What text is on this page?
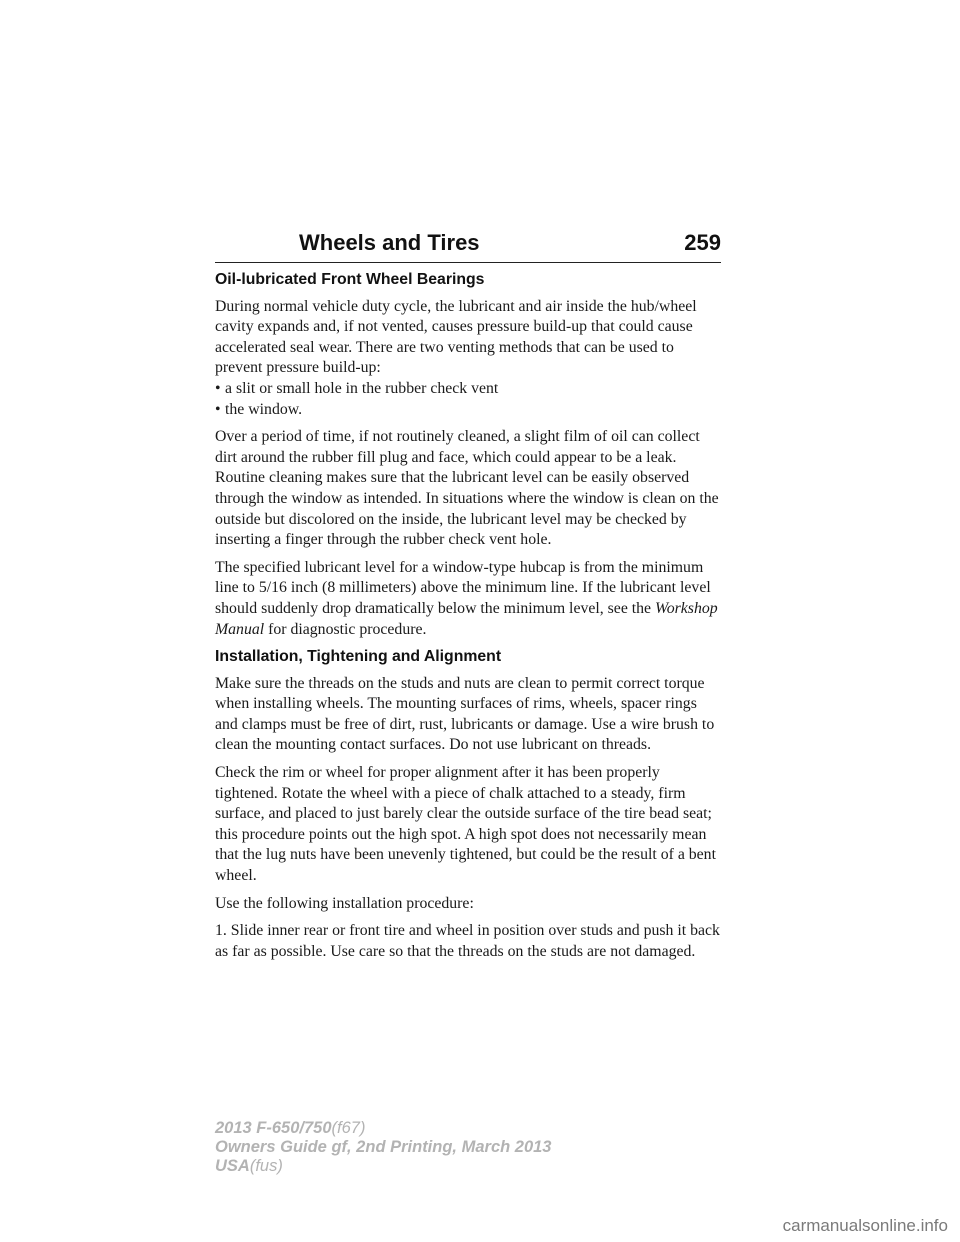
Wheels and Tires	259
Oil-lubricated Front Wheel Bearings

During normal vehicle duty cycle, the lubricant and air inside the hub/wheel cavity expands and, if not vented, causes pressure build-up that could cause accelerated seal wear. There are two venting methods that can be used to prevent pressure build-up:

• a slit or small hole in the rubber check vent
• the window.

Over a period of time, if not routinely cleaned, a slight film of oil can collect dirt around the rubber fill plug and face, which could appear to be a leak. Routine cleaning makes sure that the lubricant level can be easily observed through the window as intended. In situations where the window is clean on the outside but discolored on the inside, the lubricant level may be checked by inserting a finger through the rubber check vent hole.

The specified lubricant level for a window-type hubcap is from the minimum line to 5/16 inch (8 millimeters) above the minimum line. If the lubricant level should suddenly drop dramatically below the minimum level, see the Workshop Manual for diagnostic procedure.

Installation, Tightening and Alignment

Make sure the threads on the studs and nuts are clean to permit correct torque when installing wheels. The mounting surfaces of rims, wheels, spacer rings and clamps must be free of dirt, rust, lubricants or damage. Use a wire brush to clean the mounting contact surfaces. Do not use lubricant on threads.

Check the rim or wheel for proper alignment after it has been properly tightened. Rotate the wheel with a piece of chalk attached to a steady, firm surface, and placed to just barely clear the outside surface of the tire bead seat; this procedure points out the high spot. A high spot does not necessarily mean that the lug nuts have been unevenly tightened, but could be the result of a bent wheel.

Use the following installation procedure:

1. Slide inner rear or front tire and wheel in position over studs and push it back as far as possible. Use care so that the threads on the studs are not damaged.

2013 F-650/750(f67)
Owners Guide gf, 2nd Printing, March 2013
USA(fus)
carmanualsonline.info
